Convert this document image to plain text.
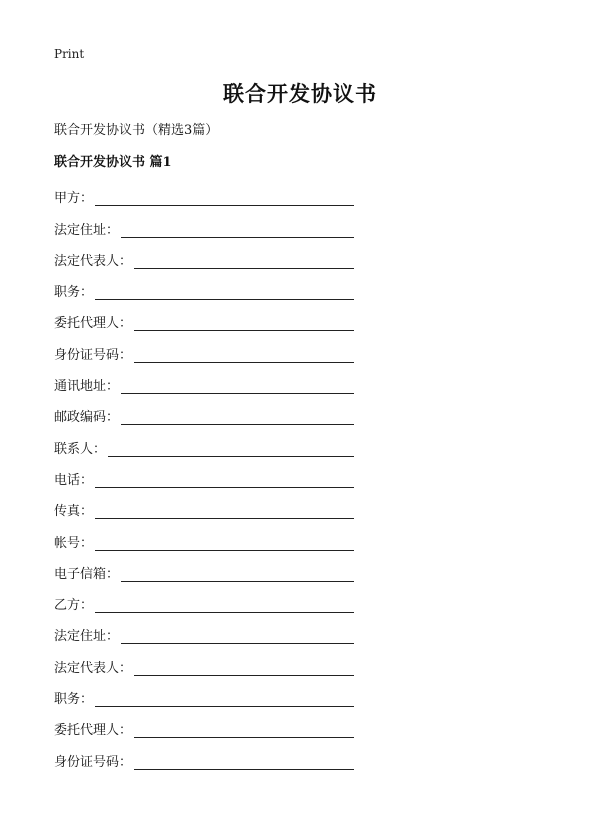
Print
联合开发协议书

联合开发协议书（精选3篇）

联合开发协议书 篇1

甲方：
法定住址：
法定代表人：
职务：
委托代理人：
身份证号码：
通讯地址：
邮政编码：
联系人：
电话：
传真：
帐号：
电子信箱：
乙方：
法定住址：
法定代表人：
职务：
委托代理人：
身份证号码：
